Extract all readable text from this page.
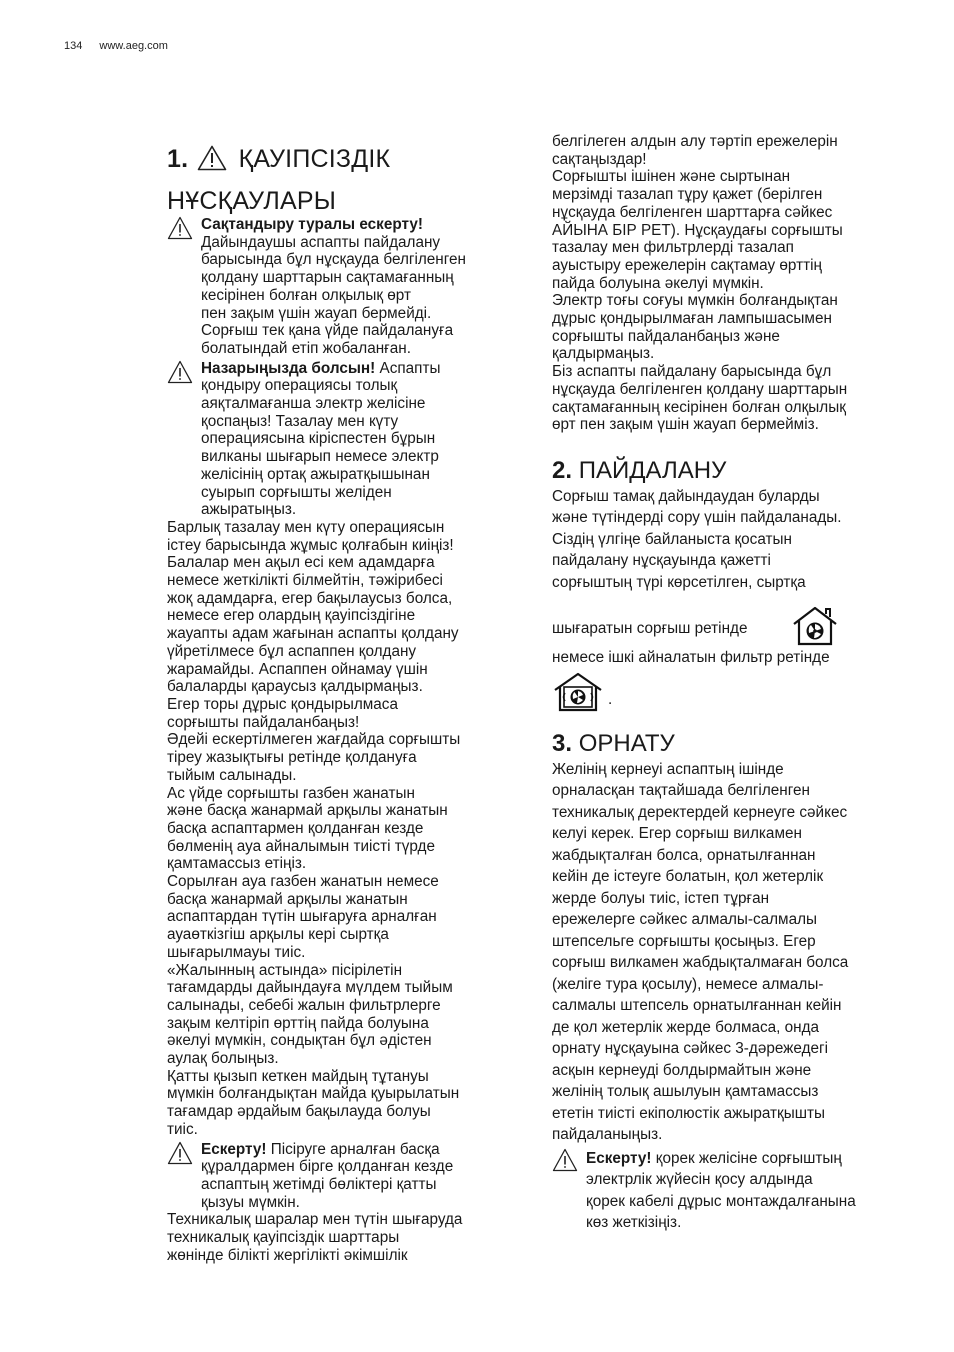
134 www.aeg.com
1. ҚАУІПСІЗДІК
НҰСҚАУЛАРЫ

Сақтандыру туралы ескерту!
Дайындаушы аспапты пайдалану
барысында бұл нұсқауда белгіленген
қолдану шарттарын сақтамағанның
кесірінен болған олқылық өрт
пен зақым үшін жауап бермейді.
Сорғыш тек қана үйде пайдалануға
болатындай етіп жобаланған.

Назарыңызда болсын! Аспапты
қондыру операциясы толық
аяқталмағанша электр желісіне
қоспаңыз! Тазалау мен күту
операциясына кіріспестен бұрын
вилканы шығарып немесе электр
желісінің ортақ ажыратқышынан
суырып сорғышты желіден
ажыратыңыз.

Барлық тазалау мен күту операциясын
істеу барысында жұмыс қолғабын киіңіз!
Балалар мен ақыл есі кем адамдарға
немесе жеткілікті білмейтін, тәжірибесі
жоқ адамдарға, егер бақылаусыз болса,
немесе егер олардың қауіпсіздігіне
жауапты адам жағынан аспапты қолдану
үйретілмесе бұл аспаппен қолдану
жарамайды. Аспаппен ойнамау үшін
балаларды қараусыз қалдырмаңыз.
Егер торы дұрыс қондырылмаса
сорғышты пайдаланбаңыз!
Әдейі ескертілмеген жағдайда сорғышты
тіреу жазықтығы ретінде қолдануға
тыйым салынады.
Ас үйде сорғышты газбен жанатын
және басқа жанармай арқылы жанатын
басқа аспаптармен қолданған кезде
бөлменің ауа айналымын тиісті түрде
қамтамассыз етіңіз.
Сорылған ауа газбен жанатын немесе
басқа жанармай арқылы жанатын
аспаптардан түтін шығаруға арналған
ауаөткізгіш арқылы кері сыртқа
шығарылмауы тиіс.
«Жалынның астында» пісірілетін
тағамдарды дайындауға мүлдем тыйым
салынады, себебі жалын фильтрлерге
зақым келтіріп өрттің пайда болуына
әкелуі мүмкін, сондықтан бұл әдістен
аулақ болыңыз.
Қатты қызып кеткен майдың тұтануы
мүмкін болғандықтан майда қуырылатын
тағамдар әрдайым бақылауда болуы
тиіс.

Ескерту! Пісіруге арналған басқа
құралдармен бірге қолданған кезде
аспаптың жетімді бөліктері қатты
қызуы мүмкін.

Техникалық шаралар мен түтін шығаруда
техникалық қауіпсіздік шарттары
жөнінде білікті жергілікті әкімшілік

белгілеген алдын алу тәртіп ережелерін
сақтаңыздар!
Сорғышты ішінен және сыртынан
мерзімді тазалап тұру қажет (берілген
нұсқауда белгіленген шарттарға сәйкес
АЙЫНА БІР РЕТ). Нұсқаудағы сорғышты
тазалау мен фильтрлерді тазалап
ауыстыру ережелерін сақтамау өрттің
пайда болуына әкелуі мүмкін.
Электр тоғы соғуы мүмкін болғандықтан
дұрыс қондырылмаған лампышасымен
сорғышты пайдаланбаңыз және
қалдырмаңыз.
Біз аспапты пайдалану барысында бұл
нұсқауда белгіленген қолдану шарттарын
сақтамағанның кесірінен болған олқылық
өрт пен зақым үшін жауап бермейміз.

2. ПАЙДАЛАНУ

Сорғыш тамақ дайындаудан буларды
және түтіндерді сору үшін пайдаланады.
Сіздің үлгіңе байланыста қосатын
пайдалану нұсқауында қажетті
сорғыштың түрі көрсетілген, сыртқа

шығаратын сорғыш ретінде

немесе ішкі айналатын фильтр ретінде

.
3. ОРНАТУ

Желінің кернеуі аспаптың ішінде
орналасқан тақтайшада белгіленген
техникалық деректердей кернеуге сәйкес
келуі керек. Егер сорғыш вилкамен
жабдықталған болса, орнатылғаннан
кейін де істеуге болатын, қол жетерлік
жерде болуы тиіс, істеп тұрған
ережелерге сәйкес алмалы-салмалы
штепсельге сорғышты қосыңыз. Егер
сорғыш вилкамен жабдықталмаған болса
(желіге тура қосылу), немесе алмалы-
салмалы штепсель орнатылғаннан кейін
де қол жетерлік жерде болмаса, онда
орнату нұсқауына сәйкес 3-дәрежедегі
асқын кернеуді болдырмайтын және
желінің толық ашылуын қамтамассыз
ететін тиісті екіполюстік ажыратқышты
пайдаланыңыз.

Ескерту! қорек желісіне сорғыштың
электрлік жүйесін қосу алдында
қорек кабелі дұрыс монтаждалғанына
көз жеткізіңіз.
